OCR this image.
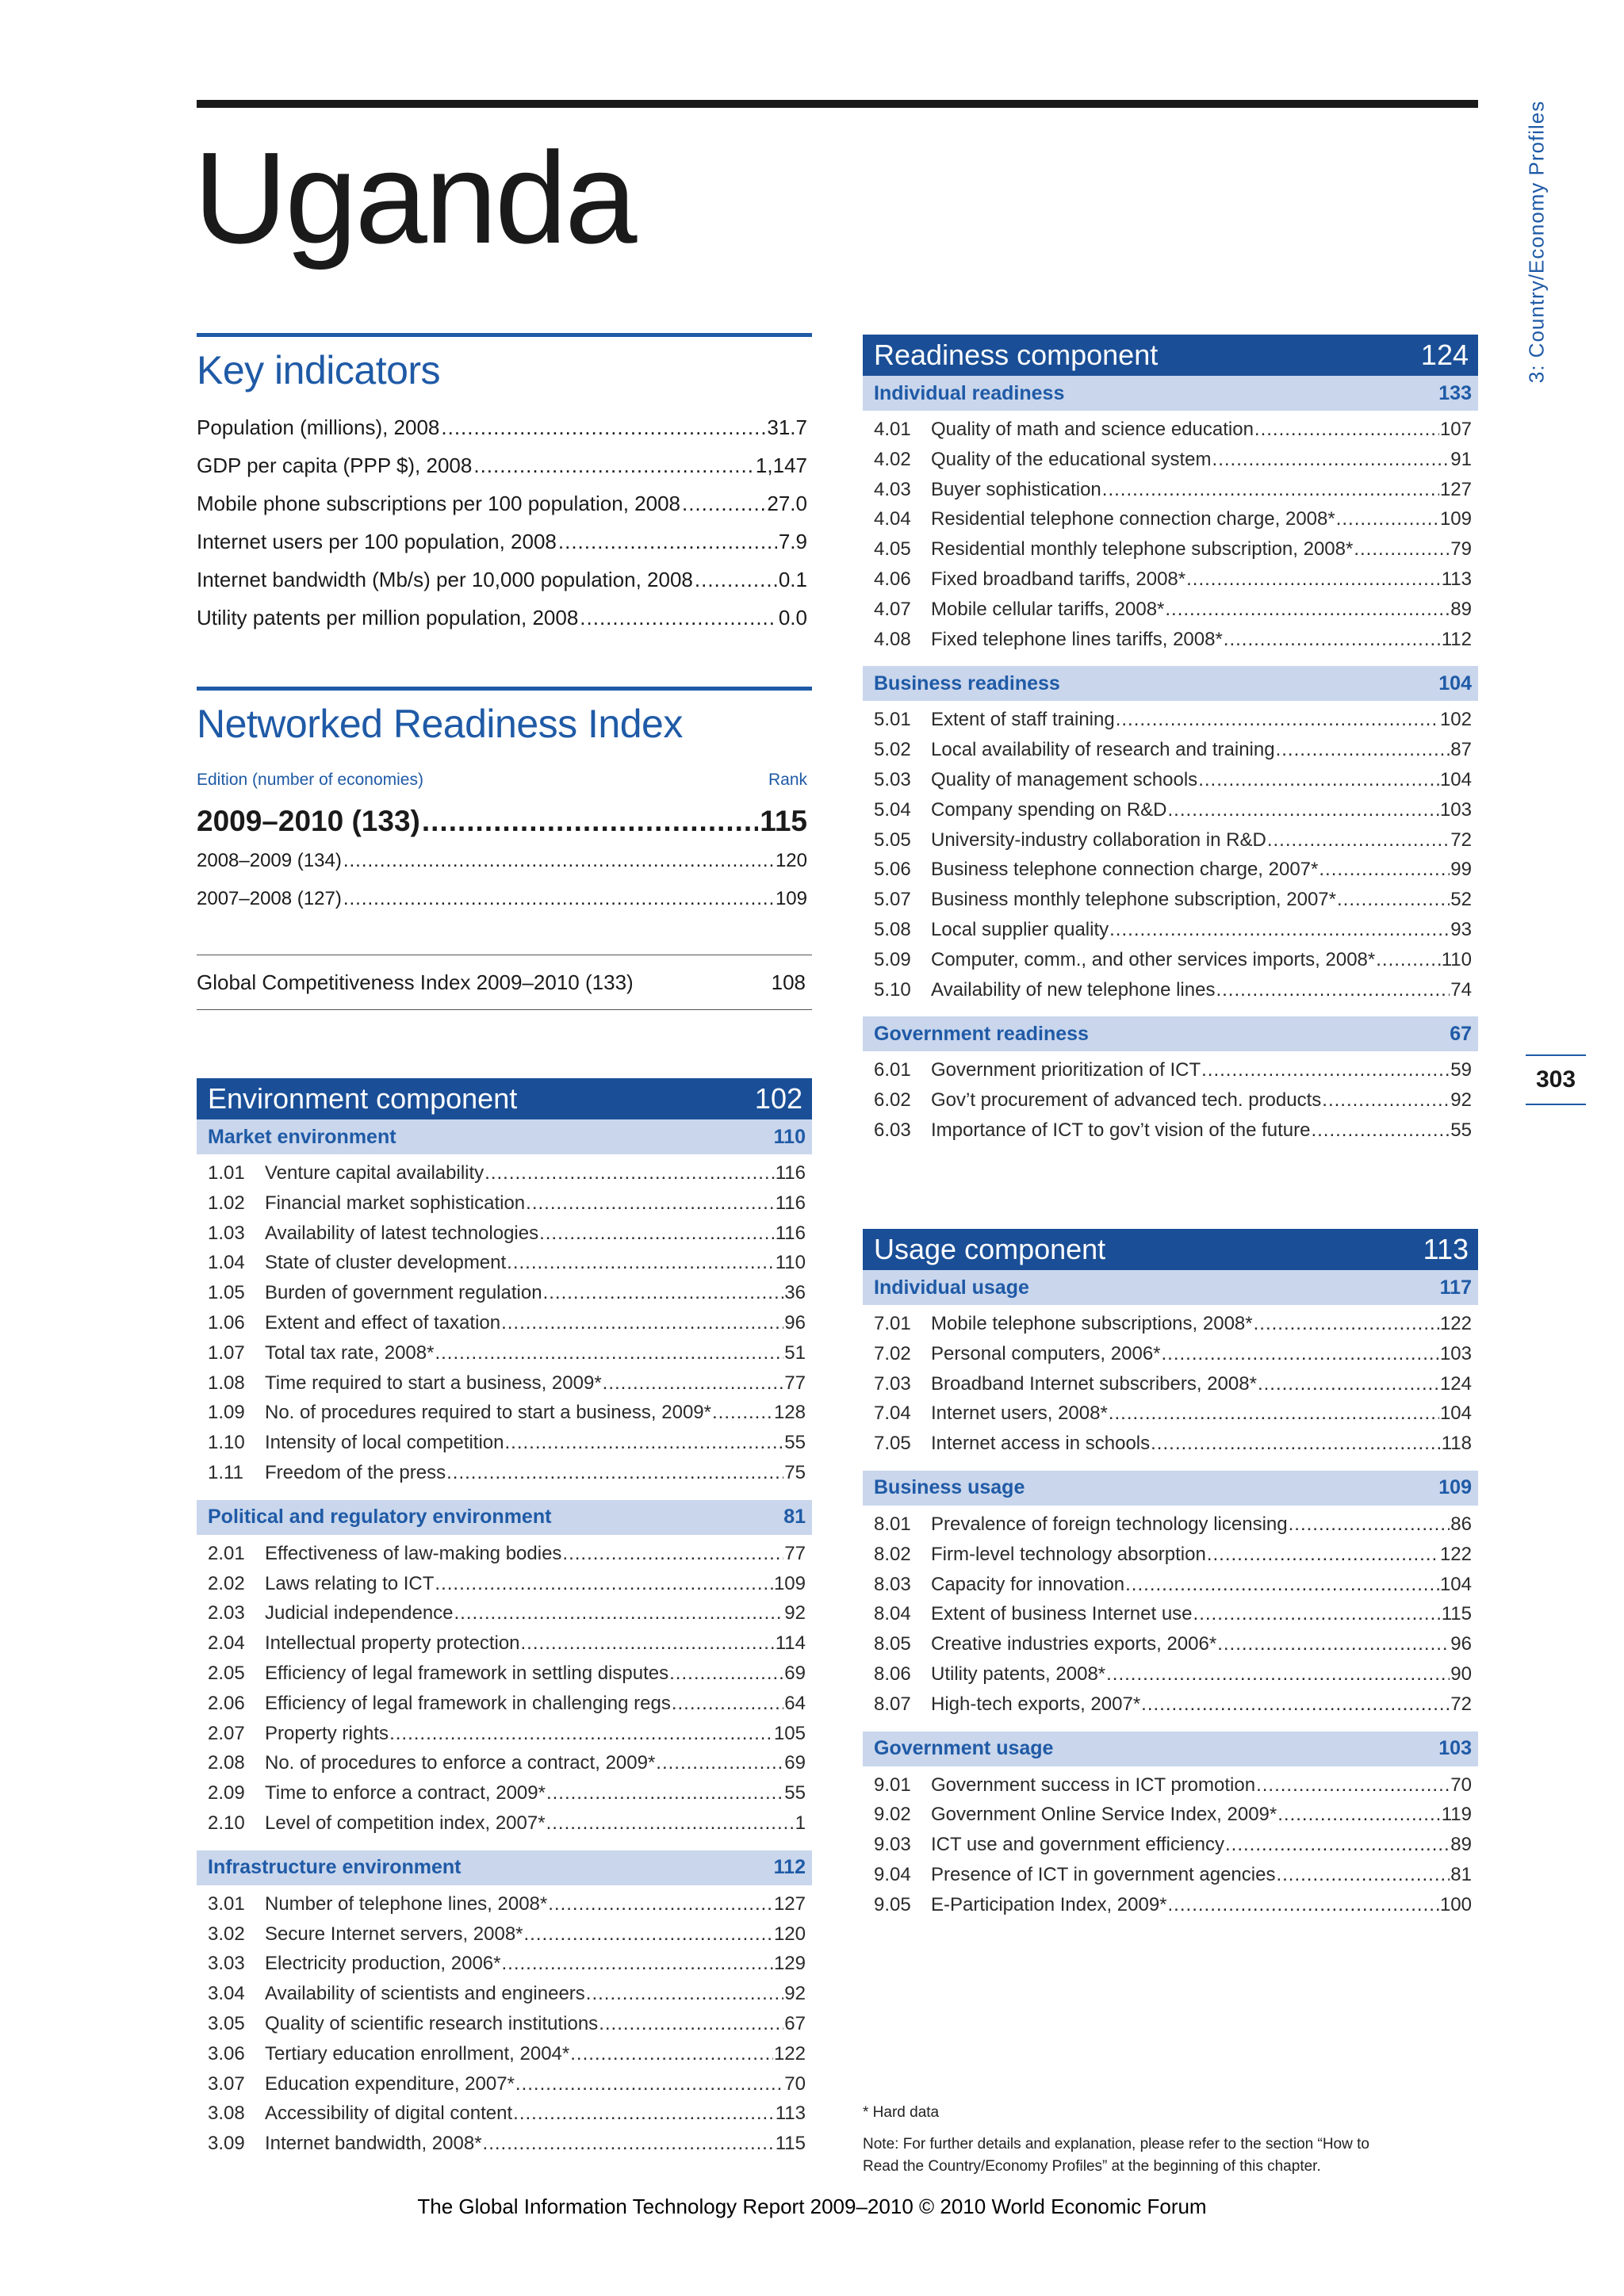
Uganda	3: Country/Economy Profiles
303
Key indicators
Population (millions), 2008 .....	31.7
GDP per capita (PPP $), 2008 .....	1,147
Mobile phone subscriptions per 100 population, 2008 .....	27.0
Internet users per 100 population, 2008 .....	7.9
Internet bandwidth (Mb/s) per 10,000 population, 2008 .....	0.1
Utility patents per million population, 2008 .....	0.0
Networked Readiness Index
Edition (number of economies)	Rank
2009–2010 (133) .....	115
2008–2009 (134) .....	120
2007–2008 (127) .....	109
Global Competitiveness Index 2009–2010 (133)	108
Environment component	102
Market environment	110
1.01	Venture capital availability .....	116
1.02	Financial market sophistication .....	116
1.03	Availability of latest technologies .....	116
1.04	State of cluster development .....	110
1.05	Burden of government regulation .....	36
1.06	Extent and effect of taxation .....	96
1.07	Total tax rate, 2008* .....	51
1.08	Time required to start a business, 2009* .....	77
1.09	No. of procedures required to start a business, 2009* .....	128
1.10	Intensity of local competition .....	55
1.11	Freedom of the press .....	75
Political and regulatory environment	81
2.01	Effectiveness of law-making bodies .....	77
2.02	Laws relating to ICT .....	109
2.03	Judicial independence .....	92
2.04	Intellectual property protection .....	114
2.05	Efficiency of legal framework in settling disputes .....	69
2.06	Efficiency of legal framework in challenging regs .....	64
2.07	Property rights .....	105
2.08	No. of procedures to enforce a contract, 2009* .....	69
2.09	Time to enforce a contract, 2009* .....	55
2.10	Level of competition index, 2007* .....	1
Infrastructure environment	112
3.01	Number of telephone lines, 2008* .....	127
3.02	Secure Internet servers, 2008* .....	120
3.03	Electricity production, 2006* .....	129
3.04	Availability of scientists and engineers .....	92
3.05	Quality of scientific research institutions .....	67
3.06	Tertiary education enrollment, 2004* .....	122
3.07	Education expenditure, 2007* .....	70
3.08	Accessibility of digital content .....	113
3.09	Internet bandwidth, 2008* .....	115
Readiness component	124
Individual readiness	133
4.01	Quality of math and science education .....	107
4.02	Quality of the educational system .....	91
4.03	Buyer sophistication .....	127
4.04	Residential telephone connection charge, 2008* .....	109
4.05	Residential monthly telephone subscription, 2008* .....	79
4.06	Fixed broadband tariffs, 2008* .....	113
4.07	Mobile cellular tariffs, 2008* .....	89
4.08	Fixed telephone lines tariffs, 2008* .....	112
Business readiness	104
5.01	Extent of staff training .....	102
5.02	Local availability of research and training .....	87
5.03	Quality of management schools .....	104
5.04	Company spending on R&D .....	103
5.05	University-industry collaboration in R&D .....	72
5.06	Business telephone connection charge, 2007* .....	99
5.07	Business monthly telephone subscription, 2007* .....	52
5.08	Local supplier quality .....	93
5.09	Computer, comm., and other services imports, 2008* .....	110
5.10	Availability of new telephone lines .....	74
Government readiness	67
6.01	Government prioritization of ICT .....	59
6.02	Gov’t procurement of advanced tech. products .....	92
6.03	Importance of ICT to gov’t vision of the future .....	55
Usage component	113
Individual usage	117
7.01	Mobile telephone subscriptions, 2008* .....	122
7.02	Personal computers, 2006* .....	103
7.03	Broadband Internet subscribers, 2008* .....	124
7.04	Internet users, 2008* .....	104
7.05	Internet access in schools .....	118
Business usage	109
8.01	Prevalence of foreign technology licensing .....	86
8.02	Firm-level technology absorption .....	122
8.03	Capacity for innovation .....	104
8.04	Extent of business Internet use .....	115
8.05	Creative industries exports, 2006* .....	96
8.06	Utility patents, 2008* .....	90
8.07	High-tech exports, 2007* .....	72
Government usage	103
9.01	Government success in ICT promotion .....	70
9.02	Government Online Service Index, 2009* .....	119
9.03	ICT use and government efficiency .....	89
9.04	Presence of ICT in government agencies .....	81
9.05	E-Participation Index, 2009* .....	100
* Hard data
Note: For further details and explanation, please refer to the section “How to
Read the Country/Economy Profiles” at the beginning of this chapter.
The Global Information Technology Report 2009–2010 © 2010 World Economic Forum
